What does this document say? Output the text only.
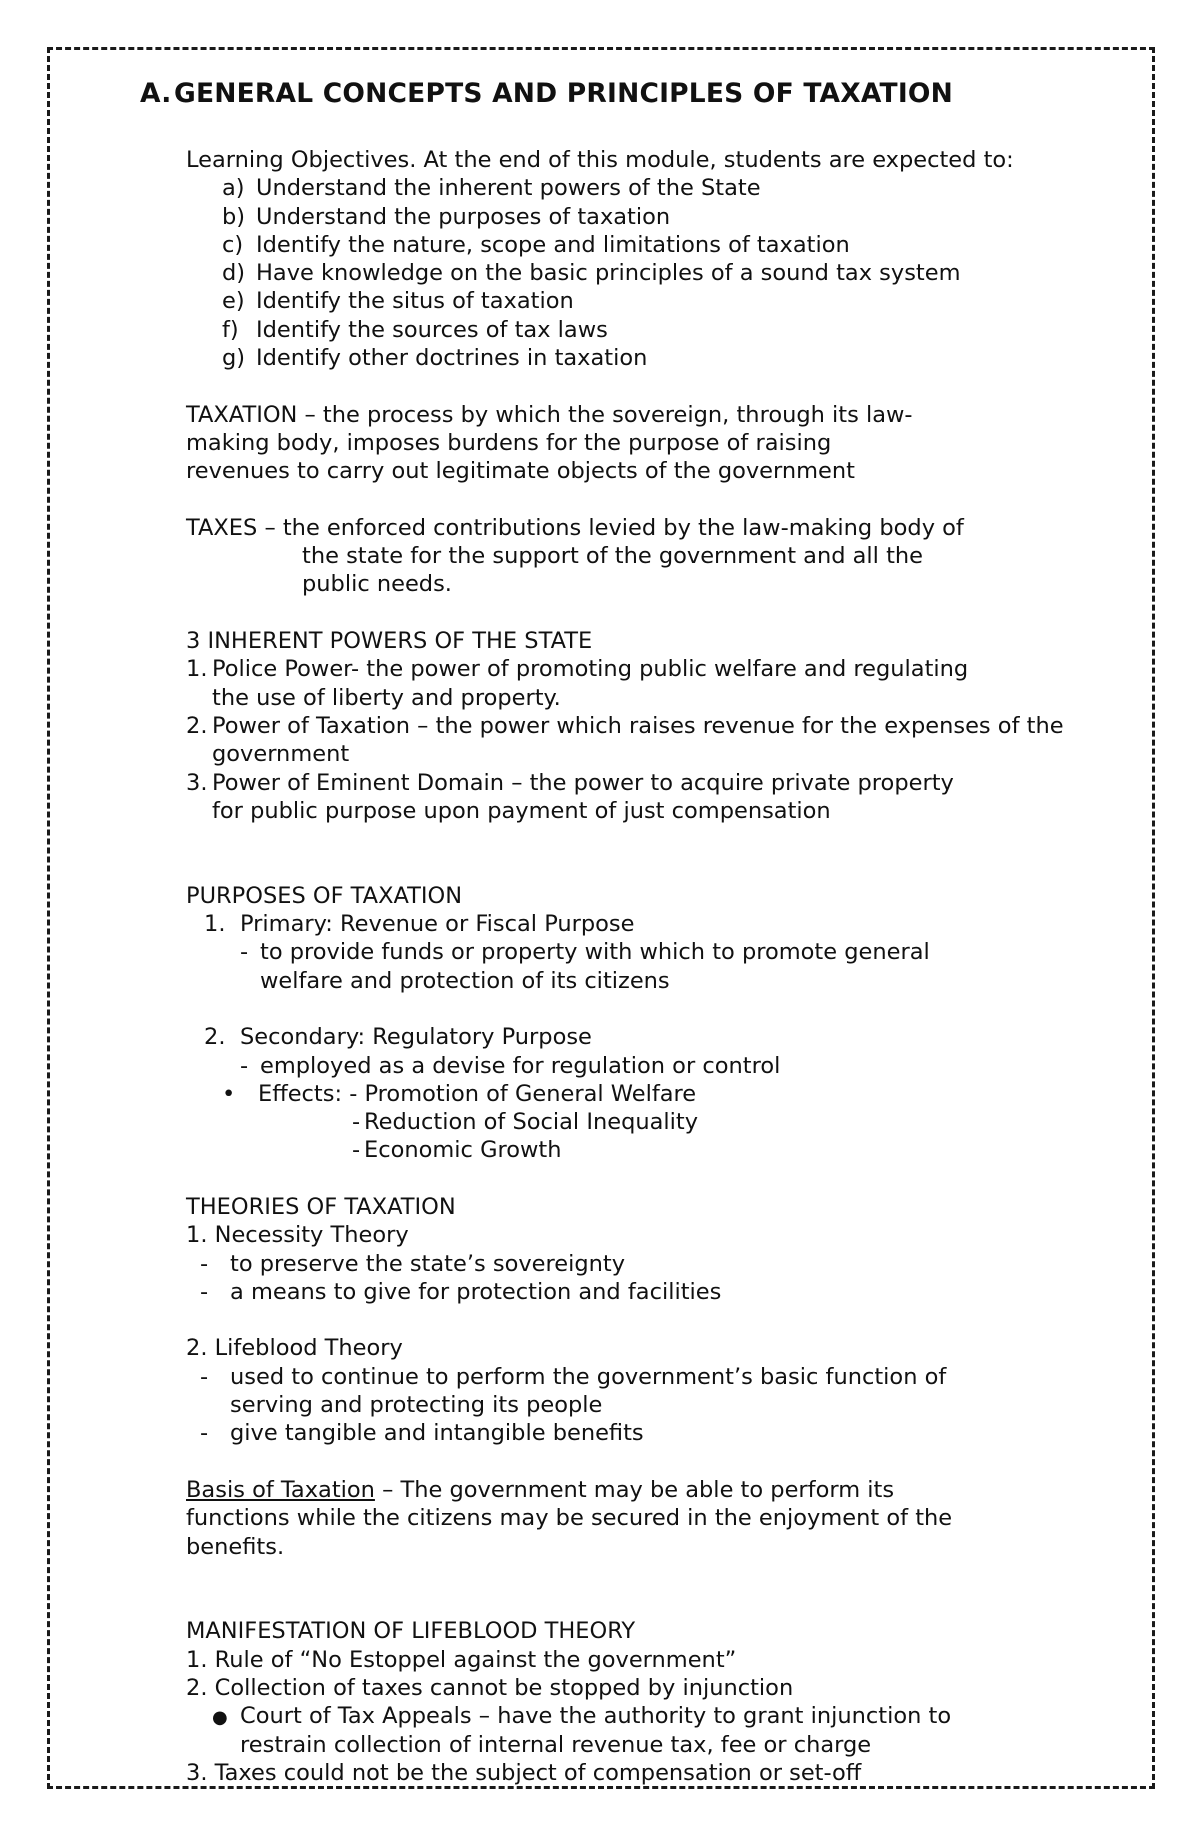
A.GENERAL CONCEPTS AND PRINCIPLES OF TAXATION
Learning Objectives. At the end of this module, students are expected to:
a) Understand the inherent powers of the State
b) Understand the purposes of taxation
c) Identify the nature, scope and limitations of taxation
d) Have knowledge on the basic principles of a sound tax system
e) Identify the situs of taxation
f) Identify the sources of tax laws
g) Identify other doctrines in taxation
TAXATION – the process by which the sovereign, through its law-
making body, imposes burdens for the purpose of raising
revenues to carry out legitimate objects of the government
TAXES – the enforced contributions levied by the law-making body of
the state for the support of the government and all the
public needs.
3 INHERENT POWERS OF THE STATE
1. Police Power- the power of promoting public welfare and regulating
the use of liberty and property.
2. Power of Taxation – the power which raises revenue for the expenses of the
government
3. Power of Eminent Domain – the power to acquire private property
for public purpose upon payment of just compensation
PURPOSES OF TAXATION
1. Primary: Revenue or Fiscal Purpose
- to provide funds or property with which to promote general
welfare and protection of its citizens
2. Secondary: Regulatory Purpose
- employed as a devise for regulation or control
• Effects: - Promotion of General Welfare
- Reduction of Social Inequality
- Economic Growth
THEORIES OF TAXATION
1. Necessity Theory
- to preserve the state’s sovereignty
- a means to give for protection and facilities
2. Lifeblood Theory
- used to continue to perform the government’s basic function of
serving and protecting its people
- give tangible and intangible benefits
Basis of Taxation – The government may be able to perform its
functions while the citizens may be secured in the enjoyment of the
benefits.
MANIFESTATION OF LIFEBLOOD THEORY
1. Rule of “No Estoppel against the government”
2. Collection of taxes cannot be stopped by injunction
● Court of Tax Appeals – have the authority to grant injunction to
restrain collection of internal revenue tax, fee or charge
3. Taxes could not be the subject of compensation or set-off
